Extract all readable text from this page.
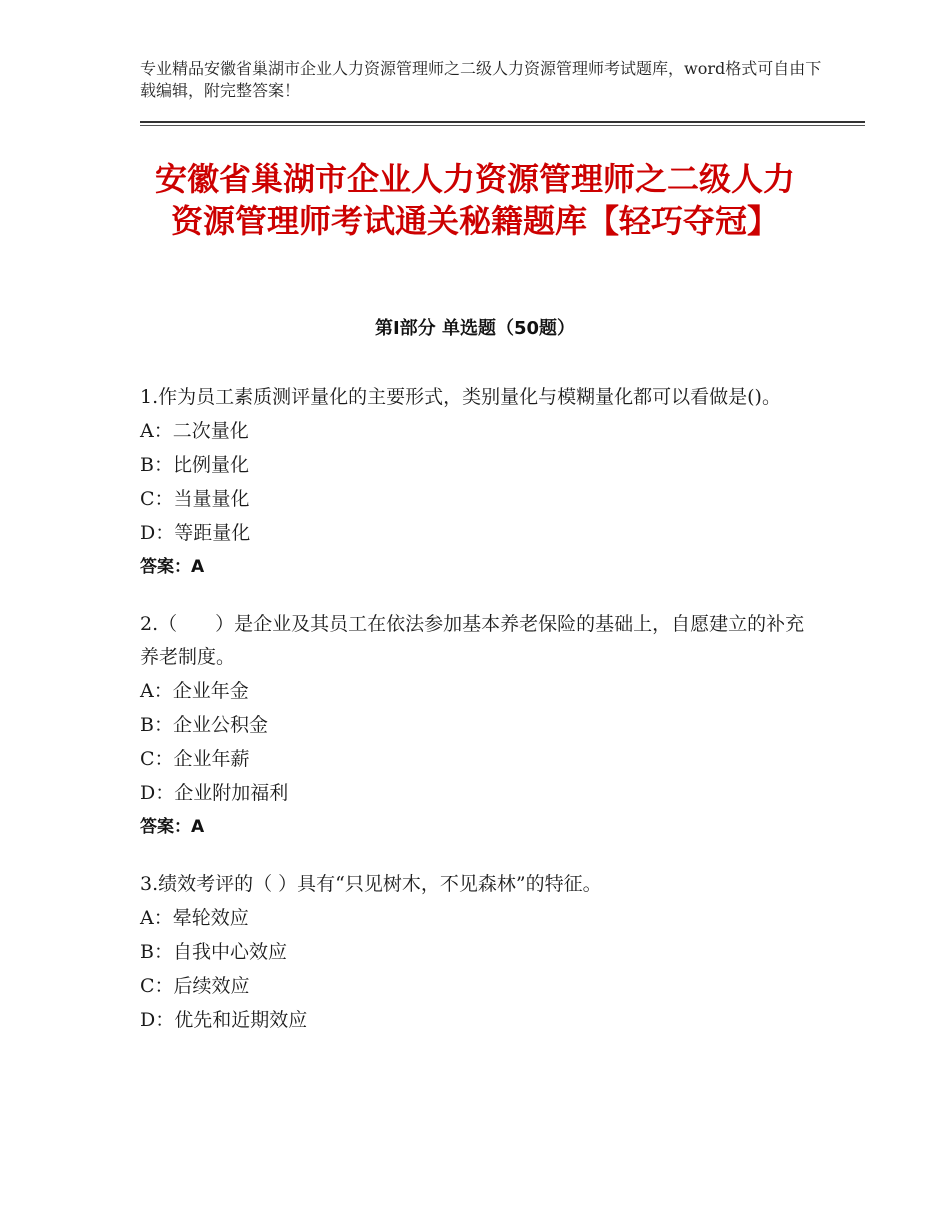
专业精品安徽省巢湖市企业人力资源管理师之二级人力资源管理师考试题库，word格式可自由下载编辑，附完整答案！
安徽省巢湖市企业人力资源管理师之二级人力资源管理师考试通关秘籍题库【轻巧夺冠】
第Ⅰ部分 单选题（50题）

1.作为员工素质测评量化的主要形式，类别量化与模糊量化都可以看做是()。

A：二次量化

B：比例量化

C：当量量化

D：等距量化

答案：A

2.（　　）是企业及其员工在依法参加基本养老保险的基础上，自愿建立的补充养老制度。

A：企业年金

B：企业公积金

C：企业年薪

D：企业附加福利

答案：A

3.绩效考评的（ ）具有“只见树木，不见森林”的特征。

A：晕轮效应

B：自我中心效应

C：后续效应

D：优先和近期效应
